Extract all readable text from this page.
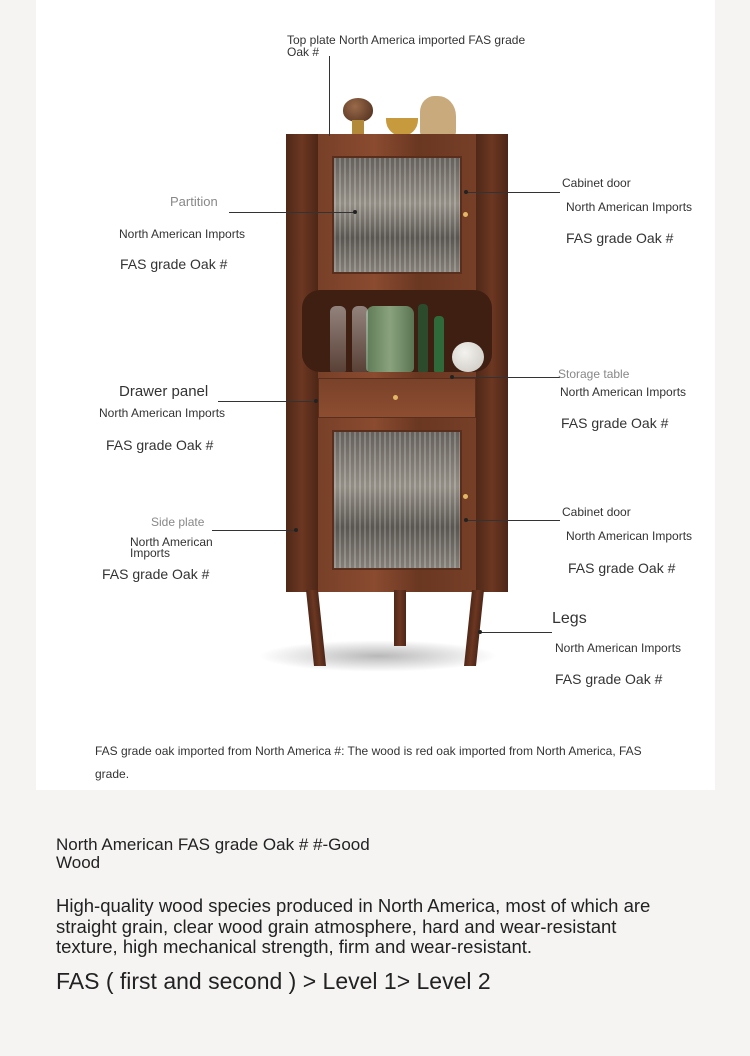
Top plate North America imported FAS grade Oak #
Partition
North American Imports
FAS grade Oak #
Cabinet door
North American Imports
FAS grade Oak #
Drawer panel
North American Imports
FAS grade Oak #
Storage table
North American Imports
FAS grade Oak #
Side plate
North American Imports
FAS grade Oak #
Cabinet door
North American Imports
FAS grade Oak #
Legs
North American Imports
FAS grade Oak #
FAS grade oak imported from North America #: The wood is red oak imported from North America, FAS grade.
North American FAS grade Oak # #-Good Wood
High-quality wood species produced in North America, most of which are straight grain, clear wood grain atmosphere, hard and wear-resistant texture, high mechanical strength, firm and wear-resistant.
FAS ( first and second ) > Level 1> Level 2
